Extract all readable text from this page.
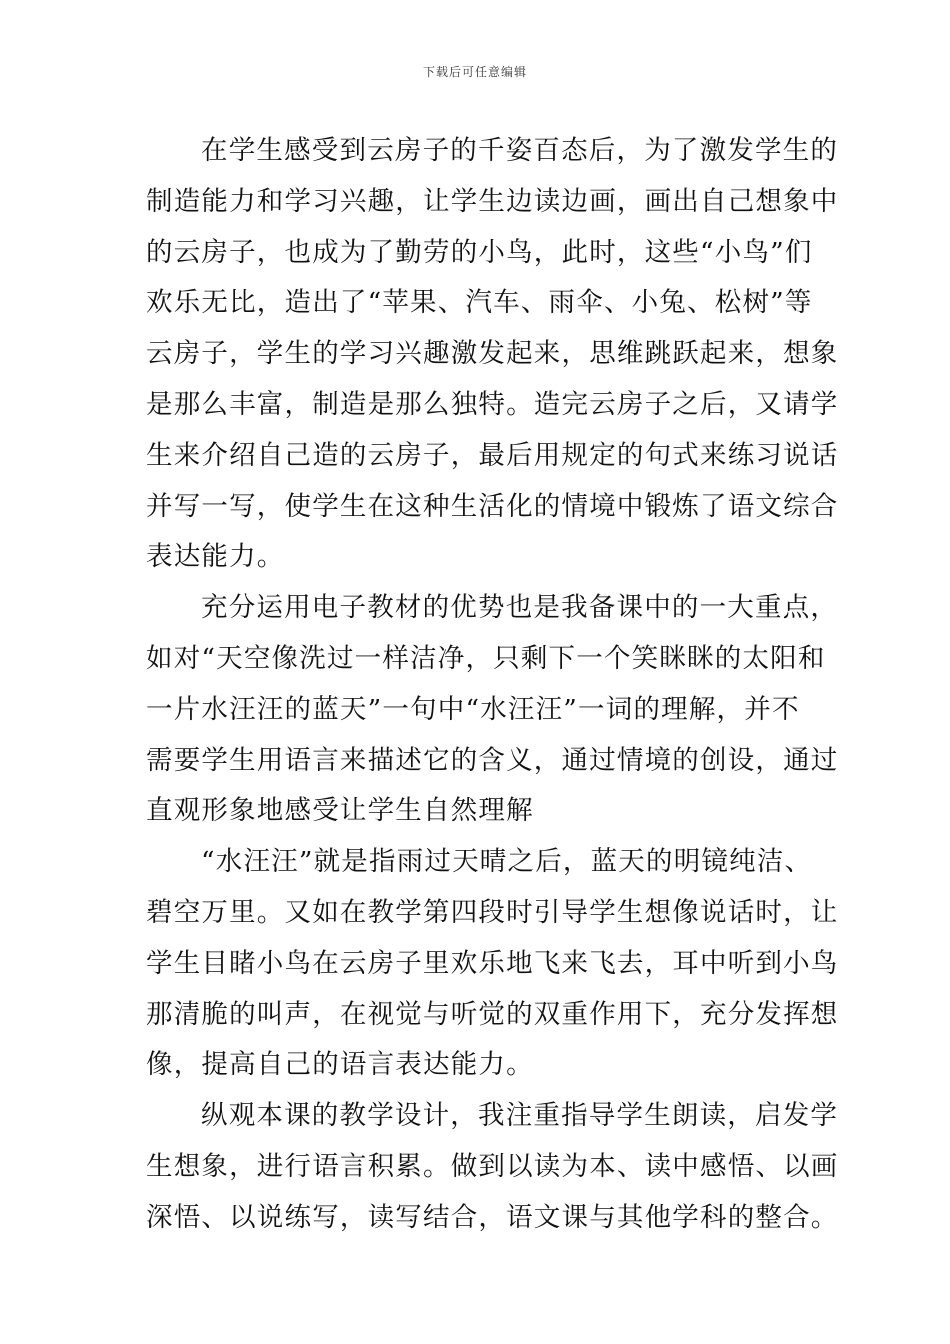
下载后可任意编辑

在学生感受到云房子的千姿百态后，为了激发学生的
制造能力和学习兴趣，让学生边读边画，画出自己想象中
的云房子，也成为了勤劳的小鸟，此时，这些“小鸟”们
欢乐无比，造出了“苹果、汽车、雨伞、小兔、松树”等
云房子，学生的学习兴趣激发起来，思维跳跃起来，想象
是那么丰富，制造是那么独特。造完云房子之后，又请学
生来介绍自己造的云房子，最后用规定的句式来练习说话
并写一写，使学生在这种生活化的情境中锻炼了语文综合
表达能力。

充分运用电子教材的优势也是我备课中的一大重点，
如对“天空像洗过一样洁净，只剩下一个笑眯眯的太阳和
一片水汪汪的蓝天”一句中“水汪汪”一词的理解，并不
需要学生用语言来描述它的含义，通过情境的创设，通过
直观形象地感受让学生自然理解

“水汪汪”就是指雨过天晴之后，蓝天的明镜纯洁、
碧空万里。又如在教学第四段时引导学生想像说话时，让
学生目睹小鸟在云房子里欢乐地飞来飞去，耳中听到小鸟
那清脆的叫声，在视觉与听觉的双重作用下，充分发挥想
像，提高自己的语言表达能力。

纵观本课的教学设计，我注重指导学生朗读，启发学
生想象，进行语言积累。做到以读为本、读中感悟、以画
深悟、以说练写，读写结合，语文课与其他学科的整合。
